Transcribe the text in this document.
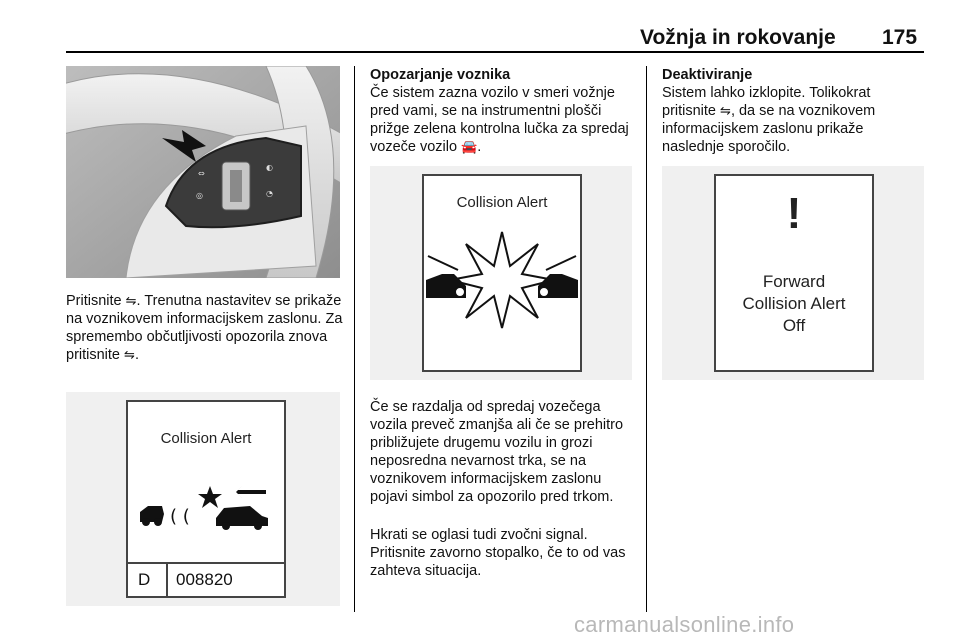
Vožnja in rokovanje 175
⇔
◎
◐
◔

Pritisnite ⇋. Trenutna nastavitev se prikaže na voznikovem informacijskem zaslonu. Za spremembo občutljivosti opozorila znova pritisnite ⇋.

Collision Alert
( (
D 008820
Opozarjanje voznika

Če sistem zazna vozilo v smeri vožnje pred vami, se na instrumentni plošči prižge zelena kontrolna lučka za spredaj vozeče vozilo 🚘.

Collision Alert

Če se razdalja od spredaj vozečega vozila preveč zmanjša ali če se prehitro približujete drugemu vozilu in grozi neposredna nevarnost trka, se na voznikovem informacijskem zaslonu pojavi simbol za opozorilo pred trkom.

Hkrati se oglasi tudi zvočni signal. Pritisnite zavorno stopalko, če to od vas zahteva situacija.

Deaktiviranje

Sistem lahko izklopite. Tolikokrat pritisnite ⇋, da se na voznikovem informacijskem zaslonu prikaže naslednje sporočilo.

!
Forward
Collision Alert
Off
carmanualsonline.info
